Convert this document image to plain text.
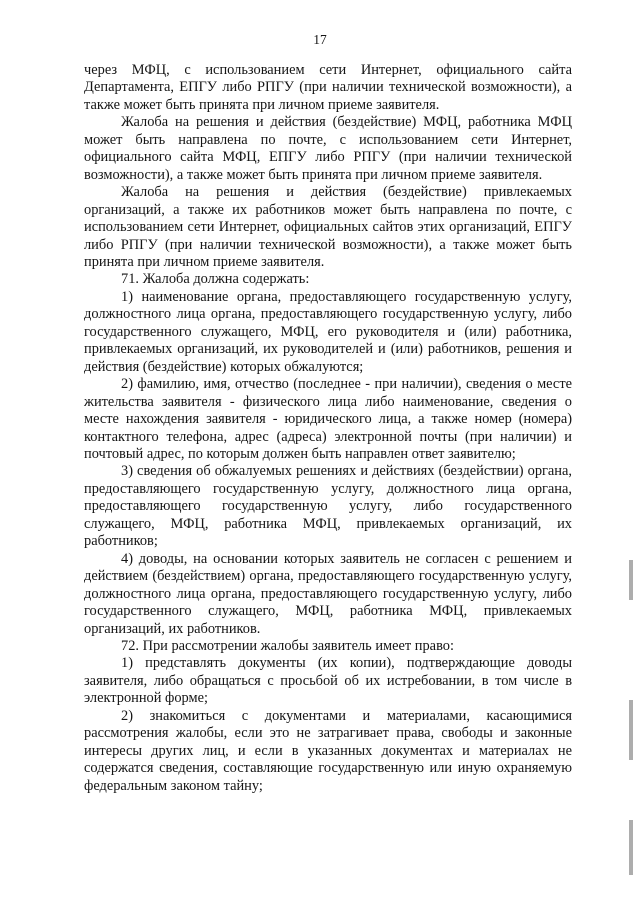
17

через МФЦ, с использованием сети Интернет, официального сайта Департамента, ЕПГУ либо РПГУ (при наличии технической возможности), а также может быть принята при личном приеме заявителя.

Жалоба на решения и действия (бездействие) МФЦ, работника МФЦ может быть направлена по почте, с использованием сети Интернет, официального сайта МФЦ, ЕПГУ либо РПГУ (при наличии технической возможности), а также может быть принята при личном приеме заявителя.

Жалоба на решения и действия (бездействие) привлекаемых организаций, а также их работников может быть направлена по почте, с использованием сети Интернет, официальных сайтов этих организаций, ЕПГУ либо РПГУ (при наличии технической возможности), а также может быть принята при личном приеме заявителя.

71. Жалоба должна содержать:

1) наименование органа, предоставляющего государственную услугу, должностного лица органа, предоставляющего государственную услугу, либо государственного служащего, МФЦ, его руководителя и (или) работника, привлекаемых организаций, их руководителей и (или) работников, решения и действия (бездействие) которых обжалуются;

2) фамилию, имя, отчество (последнее - при наличии), сведения о месте жительства заявителя - физического лица либо наименование, сведения о месте нахождения заявителя - юридического лица, а также номер (номера) контактного телефона, адрес (адреса) электронной почты (при наличии) и почтовый адрес, по которым должен быть направлен ответ заявителю;

3) сведения об обжалуемых решениях и действиях (бездействии) органа, предоставляющего государственную услугу, должностного лица органа, предоставляющего государственную услугу, либо государственного служащего, МФЦ, работника МФЦ, привлекаемых организаций, их работников;

4) доводы, на основании которых заявитель не согласен с решением и действием (бездействием) органа, предоставляющего государственную услугу, должностного лица органа, предоставляющего государственную услугу, либо государственного служащего, МФЦ, работника МФЦ, привлекаемых организаций, их работников.

72. При рассмотрении жалобы заявитель имеет право:

1) представлять документы (их копии), подтверждающие доводы заявителя, либо обращаться с просьбой об их истребовании, в том числе в электронной форме;

2) знакомиться с документами и материалами, касающимися рассмотрения жалобы, если это не затрагивает права, свободы и законные интересы других лиц, и если в указанных документах и материалах не содержатся сведения, составляющие государственную или иную охраняемую федеральным законом тайну;
